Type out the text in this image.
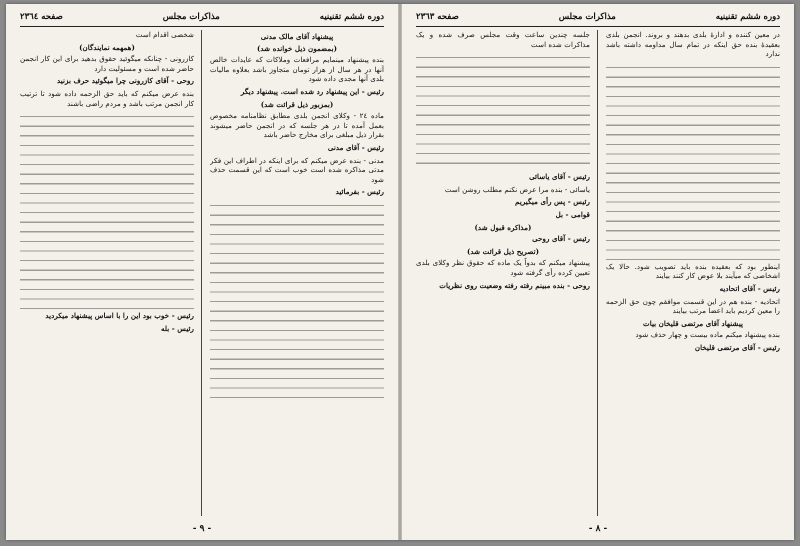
دوره ششم تقنینیه
مذاکرات مجلس
صفحه ۲۳٦٤

پیشنهاد آقای مالک مدنی

(بمضمون ذیل خوانده شد)

بنده پیشنهاد مینمایم مرافعات وملاکات که عایدات خالص آنها در هر سال از هزار تومان متجاوز باشد بعلاوه مالیات بلدی آنها مجدی داده شود

رئیس - این پیشنهاد رد شده است. پیشنهاد دیگر

(بمزبور ذیل قرائت شد)

ماده ۲٤ - وکلای انجمن بلدی مطابق نظامنامه مخصوص بعمل آمده تا در هر جلسه که در انجمن حاضر میشوند بقرار ذیل مبلغی برای مخارج حاضر باشد

رئیس - آقای مدنی

مدنی - بنده عرض میکنم که برای اینکه در اطراف این فکر مدتی مذاکره شده است خوب است که این قسمت حذف شود

رئیس - بفرمائید

شخصی اقدام است

(همهمه نمایندگان)

کازرونی - چنانکه میگوئید حقوق بدهید برای این کار انجمن حاضر شده است و مسئولیت دارد

روحی - آقای کازرونی چرا میگوئید حرف بزنید

بنده عرض میکنم که باید حق الزحمه داده شود تا ترتیب کار انجمن مرتب باشد و مردم راضی باشند

رئیس - خوب بود این را با اساس پیشنهاد میکردید

رئیس - بله

- ۹ -
دوره ششم تقنینیه
مذاکرات مجلس
صفحه ۲۳٦۳

در معین کننده و ادارهٔ بلدی بدهند و بروند. انجمن بلدی بعقیدهٔ بنده حق اینکه در تمام سال مداومه داشته باشد ندارد

اینطور بود که بعقیده بنده باید تصویب شود. حالا یک اشخاصی که میآیند بلا عوض کار کنند بیایند

رئیس - آقای اتحادیه

اتحادیه - بنده هم در این قسمت موافقم چون حق الزحمه را معین کردیم باید اعضا مرتب بیایند

پیشنهاد آقای مرتضی قلیخان بیات

بنده پیشنهاد میکنم ماده بیست و چهار حذف شود

رئیس - آقای مرتضی قلیخان

جلسه چندین ساعت وقت مجلس صرف شده و یک مذاکرات شده است

رئیس - آقای یاسائی

یاسائی - بنده مرا عرض نکنم مطلب روشن است

رئیس - پس رأی میگیریم

قوامی - بل

(مذاکره قبول شد)

رئیس - آقای روحی

(تصریح ذیل قرائت شد)

پیشنهاد میکنم که بدواً یک ماده که حقوق نظر وکلای بلدی تعیین کرده رأی گرفته شود

روحی - بنده مبینم رفته رفته وضعیت روی نظریات

- ۸ -
